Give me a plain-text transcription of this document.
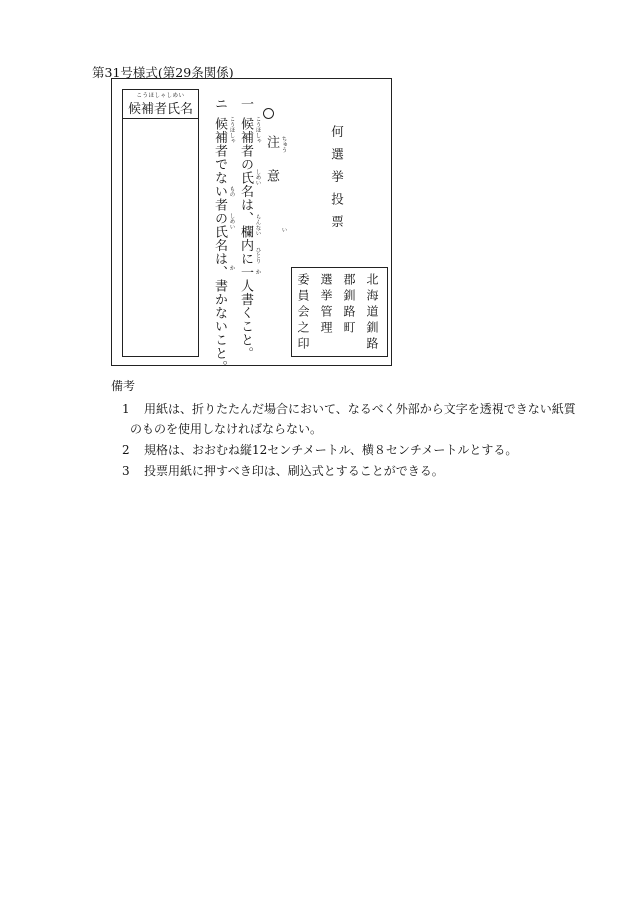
第31号様式(第29条関係)
こうほしゃしめい
候補者氏名	ニ
こうほしゃ
もの
しめい
か
候補者でない者の氏名は、書かないこと。
一
こうほしゃ
しめい
らんない
ひとり
か
候補者の氏名は、欄内に一人書くこと。	ちゅう
注　意
い	何選挙投票
北海道釧路
郡釧路町
選挙管理
委員会之印
備考
1 用紙は、折りたたんだ場合において、なるべく外部から文字を透視できない紙質
のものを使用しなければならない。
2 規格は、おおむね縦12センチメートル、横８センチメートルとする。
3 投票用紙に押すべき印は、刷込式とすることができる。
